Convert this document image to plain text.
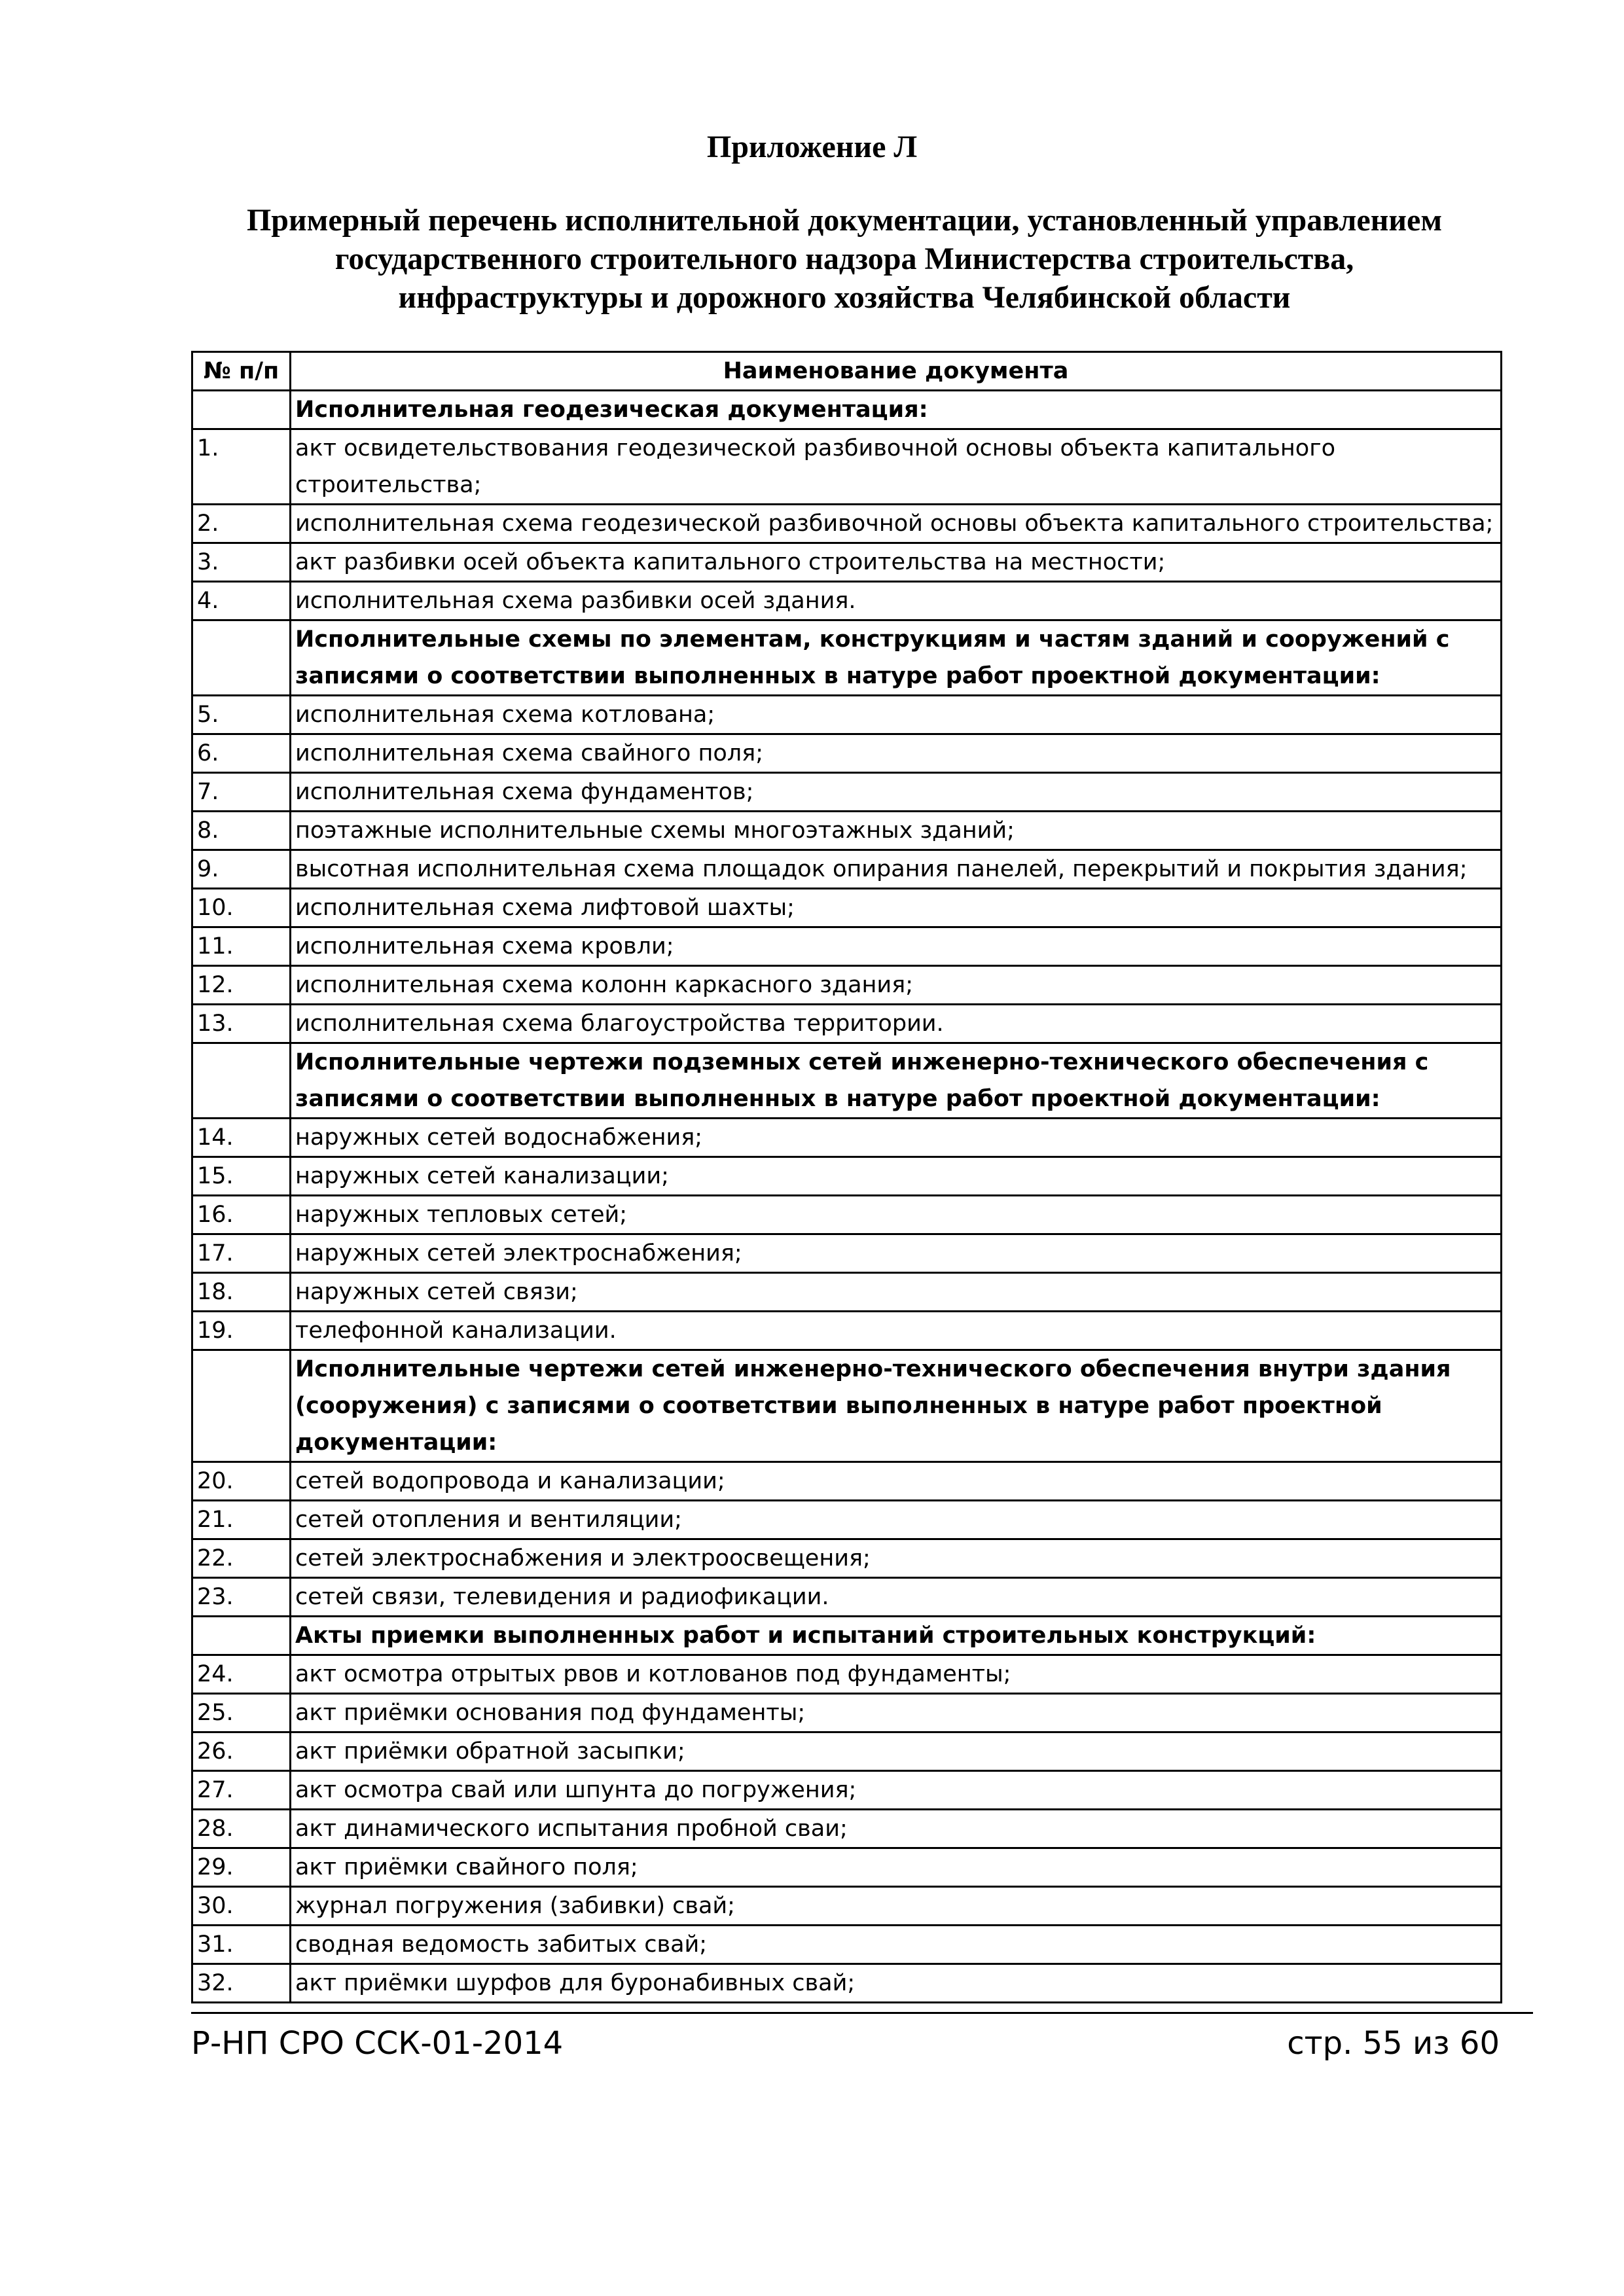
Приложение Л
Примерный перечень исполнительной документации, установленный управлением
государственного строительного надзора Министерства строительства,
инфраструктуры и дорожного хозяйства Челябинской области
№ п/п	Наименование документа
	Исполнительная геодезическая документация:
1.	акт освидетельствования геодезической разбивочной основы объекта капитального строительства;
2.	исполнительная схема геодезической разбивочной основы объекта капитального строительства;
3.	акт разбивки осей объекта капитального строительства на местности;
4.	исполнительная схема разбивки осей здания.
	Исполнительные схемы по элементам, конструкциям и частям зданий и сооружений с записями о соответствии выполненных в натуре работ проектной документации:
5.	исполнительная схема котлована;
6.	исполнительная схема свайного поля;
7.	исполнительная схема фундаментов;
8.	поэтажные исполнительные схемы многоэтажных зданий;
9.	высотная исполнительная схема площадок опирания панелей, перекрытий и покрытия здания;
10.	исполнительная схема лифтовой шахты;
11.	исполнительная схема кровли;
12.	исполнительная схема колонн каркасного здания;
13.	исполнительная схема благоустройства территории.
	Исполнительные чертежи подземных сетей инженерно-технического обеспечения с записями о соответствии выполненных в натуре работ проектной документации:
14.	наружных сетей водоснабжения;
15.	наружных сетей канализации;
16.	наружных тепловых сетей;
17.	наружных сетей электроснабжения;
18.	наружных сетей связи;
19.	телефонной канализации.
	Исполнительные чертежи сетей инженерно-технического обеспечения внутри здания (сооружения) с записями о соответствии выполненных в натуре работ проектной документации:
20.	сетей водопровода и канализации;
21.	сетей отопления и вентиляции;
22.	сетей электроснабжения и электроосвещения;
23.	сетей связи, телевидения и радиофикации.
	Акты приемки выполненных работ и испытаний строительных конструкций:
24.	акт осмотра отрытых рвов и котлованов под фундаменты;
25.	акт приёмки основания под фундаменты;
26.	акт приёмки обратной засыпки;
27.	акт осмотра свай или шпунта до погружения;
28.	акт динамического испытания пробной сваи;
29.	акт приёмки свайного поля;
30.	журнал погружения (забивки) свай;
31.	сводная ведомость забитых свай;
32.	акт приёмки шурфов для буронабивных свай;
Р-НП СРО ССК-01-2014	стр. 55 из 60
